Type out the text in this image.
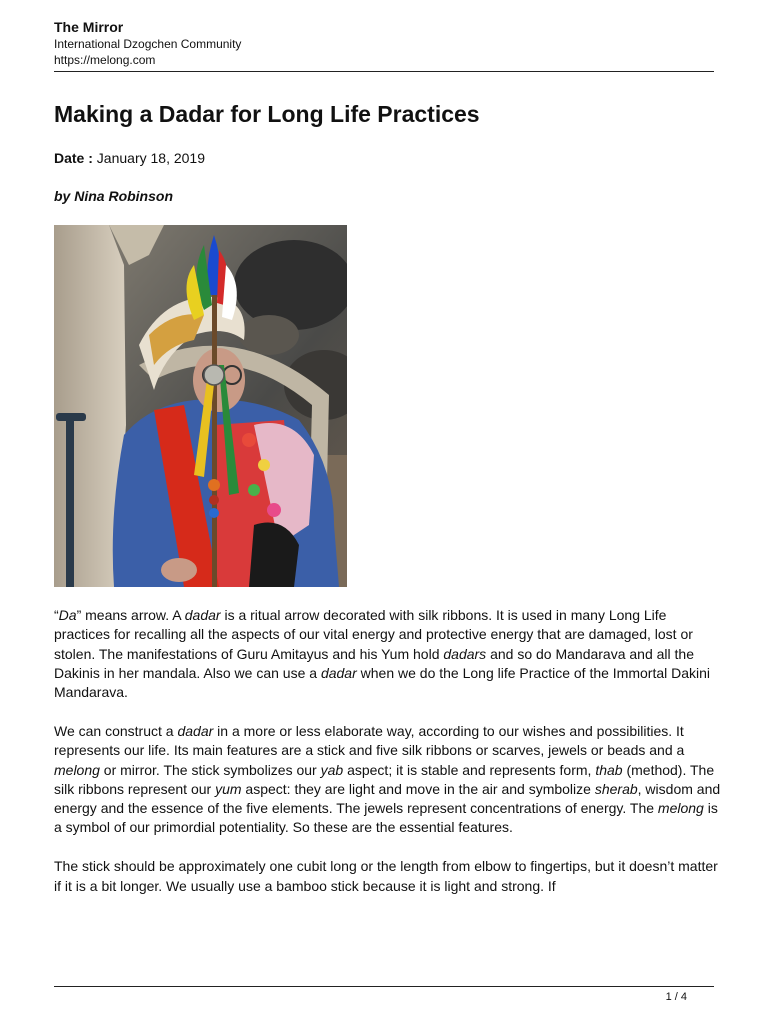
The Mirror
International Dzogchen Community
https://melong.com
Making a Dadar for Long Life Practices
Date : January 18, 2019
by Nina Robinson

“Da” means arrow. A dadar is a ritual arrow decorated with silk ribbons. It is used in many Long Life practices for recalling all the aspects of our vital energy and protective energy that are damaged, lost or stolen. The manifestations of Guru Amitayus and his Yum hold dadars and so do Mandarava and all the Dakinis in her mandala. Also we can use a dadar when we do the Long life Practice of the Immortal Dakini Mandarava.

We can construct a dadar in a more or less elaborate way, according to our wishes and possibilities. It represents our life. Its main features are a stick and five silk ribbons or scarves, jewels or beads and a melong or mirror. The stick symbolizes our yab aspect; it is stable and represents form, thab (method). The silk ribbons represent our yum aspect: they are light and move in the air and symbolize sherab, wisdom and energy and the essence of the five elements. The jewels represent concentrations of energy. The melong is a symbol of our primordial potentiality. So these are the essential features.

The stick should be approximately one cubit long or the length from elbow to fingertips, but it doesn’t matter if it is a bit longer. We usually use a bamboo stick because it is light and strong. If

1 / 4
